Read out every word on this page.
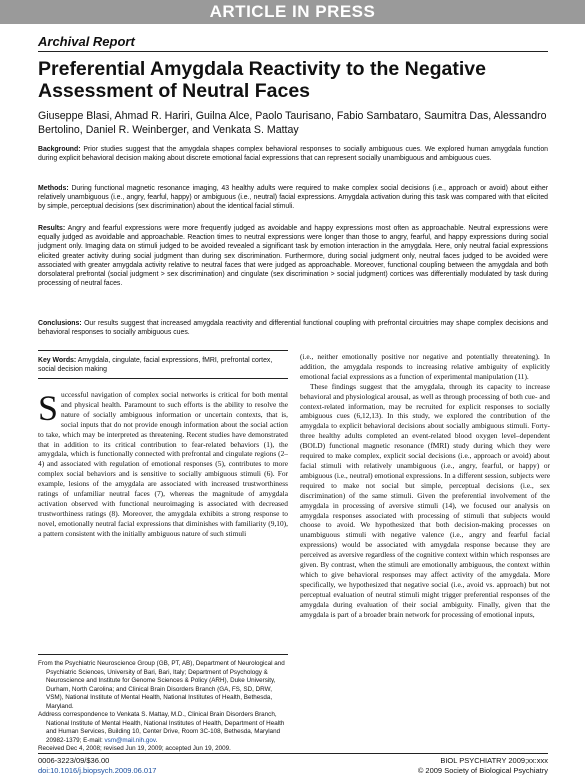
ARTICLE IN PRESS
Archival Report
Preferential Amygdala Reactivity to the Negative Assessment of Neutral Faces
Giuseppe Blasi, Ahmad R. Hariri, Guilna Alce, Paolo Taurisano, Fabio Sambataro, Saumitra Das, Alessandro Bertolino, Daniel R. Weinberger, and Venkata S. Mattay

Background: Prior studies suggest that the amygdala shapes complex behavioral responses to socially ambiguous cues. We explored human amygdala function during explicit behavioral decision making about discrete emotional facial expressions that can represent socially unambiguous and ambiguous cues.

Methods: During functional magnetic resonance imaging, 43 healthy adults were required to make complex social decisions (i.e., approach or avoid) about either relatively unambiguous (i.e., angry, fearful, happy) or ambiguous (i.e., neutral) facial expressions. Amygdala activation during this task was compared with that elicited by simple, perceptual decisions (sex discrimination) about the identical facial stimuli.

Results: Angry and fearful expressions were more frequently judged as avoidable and happy expressions most often as approachable. Neutral expressions were equally judged as avoidable and approachable. Reaction times to neutral expressions were longer than those to angry, fearful, and happy expressions during social judgment only. Imaging data on stimuli judged to be avoided revealed a significant task by emotion interaction in the amygdala. Here, only neutral facial expressions elicited greater activity during social judgment than during sex discrimination. Furthermore, during social judgment only, neutral faces judged to be avoided were associated with greater amygdala activity relative to neutral faces that were judged as approachable. Moreover, functional coupling between the amygdala and both dorsolateral prefrontal (social judgment > sex discrimination) and cingulate (sex discrimination > social judgment) cortices was differentially modulated by task during processing of neutral faces.

Conclusions: Our results suggest that increased amygdala reactivity and differential functional coupling with prefrontal circuitries may shape complex decisions and behavioral responses to socially ambiguous cues.

Key Words: Amygdala, cingulate, facial expressions, fMRI, prefrontal cortex, social decision making

Successful navigation of complex social networks is critical for both mental and physical health. Paramount to such efforts is the ability to resolve the nature of socially ambiguous information or uncertain contexts, that is, social inputs that do not provide enough information about the social action to take, which may be interpreted as threatening. Recent studies have demonstrated that in addition to its critical contribution to fear-related behaviors (1), the amygdala, which is functionally connected with prefrontal and cingulate regions (2–4) and associated with regulation of emotional responses (5), contributes to more complex social behaviors and is sensitive to socially ambiguous stimuli (6). For example, lesions of the amygdala are associated with increased trustworthiness ratings of unfamiliar neutral faces (7), whereas the magnitude of amygdala activation observed with functional neuroimaging is associated with decreased trustworthiness ratings (8). Moreover, the amygdala exhibits a strong response to novel, emotionally neutral facial expressions that diminishes with familiarity (9,10), a pattern consistent with the initially ambiguous nature of such stimuli

(i.e., neither emotionally positive nor negative and potentially threatening). In addition, the amygdala responds to increasing relative ambiguity of explicitly emotional facial expressions as a function of experimental manipulation (11).

These findings suggest that the amygdala, through its capacity to increase behavioral and physiological arousal, as well as through processing of both cue- and context-related information, may be recruited for explicit responses to socially ambiguous cues (6,12,13). In this study, we explored the contribution of the amygdala to explicit behavioral decisions about socially ambiguous stimuli. Forty-three healthy adults completed an event-related blood oxygen level–dependent (BOLD) functional magnetic resonance (fMRI) study during which they were required to make complex, explicit social decisions (i.e., approach or avoid) about facial stimuli with relatively unambiguous (i.e., angry, fearful, or happy) or ambiguous (i.e., neutral) emotional expressions. In a different session, subjects were required to make not social but simple, perceptual decisions (i.e., sex discrimination) of the same stimuli. Given the preferential involvement of the amygdala in processing of aversive stimuli (14), we focused our analysis on amygdala responses associated with processing of stimuli that subjects would choose to avoid. We hypothesized that both decision-making processes on unambiguous stimuli with negative valence (i.e., angry and fearful facial expressions) would be associated with amygdala response because they are perceived as aversive regardless of the cognitive context within which responses are given. By contrast, when the stimuli are emotionally ambiguous, the context within which to give behavioral responses may affect activity of the amygdala. More specifically, we hypothesized that negative social (i.e., avoid vs. approach) but not perceptual evaluation of neutral stimuli might trigger preferential responses of the amygdala during evaluation of their social ambiguity. Finally, given that the amygdala is part of a broader brain network for processing of emotional inputs,

From the Psychiatric Neuroscience Group (GB, PT, AB), Department of Neurological and Psychiatric Sciences, University of Bari, Bari, Italy; Department of Psychology & Neuroscience and Institute for Genome Sciences & Policy (ARH), Duke University, Durham, North Carolina; and Clinical Brain Disorders Branch (GA, FS, SD, DRW, VSM), National Institute of Mental Health, National Institutes of Health, Bethesda, Maryland.

Address correspondence to Venkata S. Mattay, M.D., Clinical Brain Disorders Branch, National Institute of Mental Health, National Institutes of Health, Department of Health and Human Services, Building 10, Center Drive, Room 3C-108, Bethesda, Maryland 20982-1379; E-mail: vsm@mail.nih.gov.

Received Dec 4, 2008; revised Jun 19, 2009; accepted Jun 19, 2009.

0006-3223/09/$36.00
doi:10.1016/j.biopsych.2009.06.017
BIOL PSYCHIATRY 2009;xx:xxx
© 2009 Society of Biological Psychiatry
